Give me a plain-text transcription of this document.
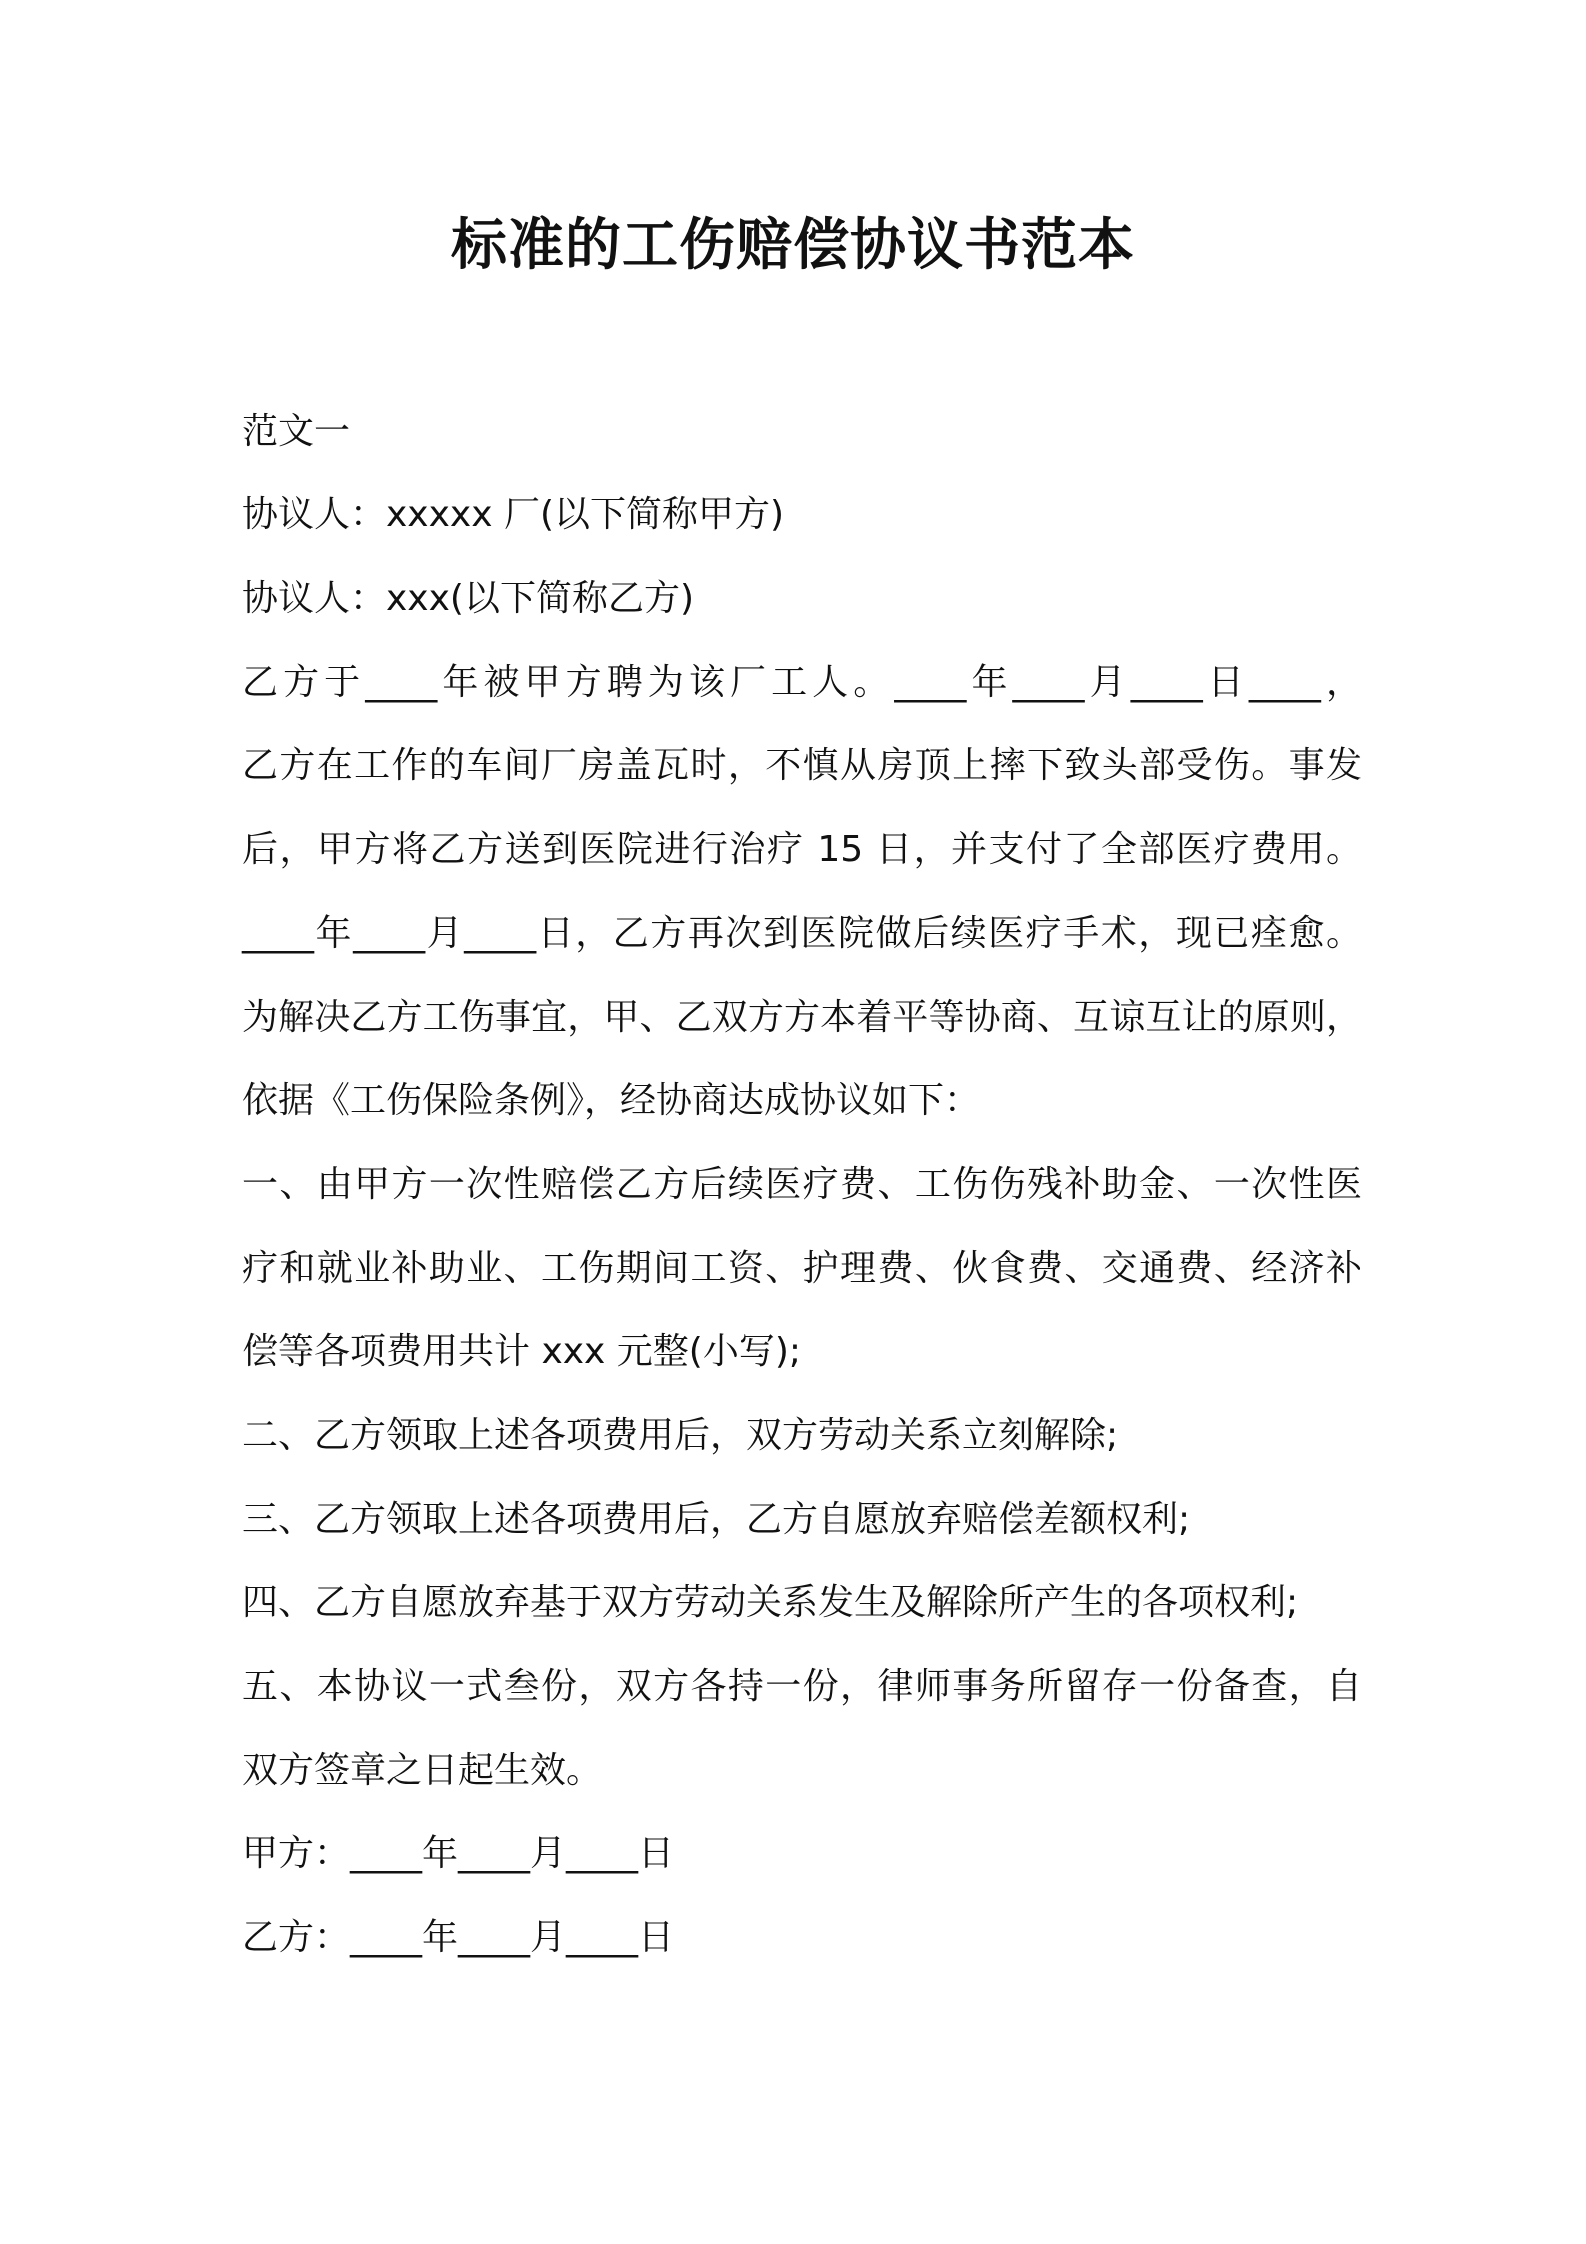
标准的工伤赔偿协议书范本
范文一
协议人：xxxxx 厂(以下简称甲方)
协议人：xxx(以下简称乙方)
乙方于____年被甲方聘为该厂工人。____年____月____日____，
乙方在工作的车间厂房盖瓦时，不慎从房顶上摔下致头部受伤。事发
后，甲方将乙方送到医院进行治疗 15 日，并支付了全部医疗费用。
____年____月____日，乙方再次到医院做后续医疗手术，现已痊愈。
为解决乙方工伤事宜，甲、乙双方方本着平等协商、互谅互让的原则，
依据《工伤保险条例》，经协商达成协议如下：
一、由甲方一次性赔偿乙方后续医疗费、工伤伤残补助金、一次性医
疗和就业补助业、工伤期间工资、护理费、伙食费、交通费、经济补
偿等各项费用共计 xxx 元整(小写);
二、乙方领取上述各项费用后，双方劳动关系立刻解除;
三、乙方领取上述各项费用后，乙方自愿放弃赔偿差额权利;
四、乙方自愿放弃基于双方劳动关系发生及解除所产生的各项权利;
五、本协议一式叁份，双方各持一份，律师事务所留存一份备查，自
双方签章之日起生效。
甲方：____年____月____日
乙方：____年____月____日
